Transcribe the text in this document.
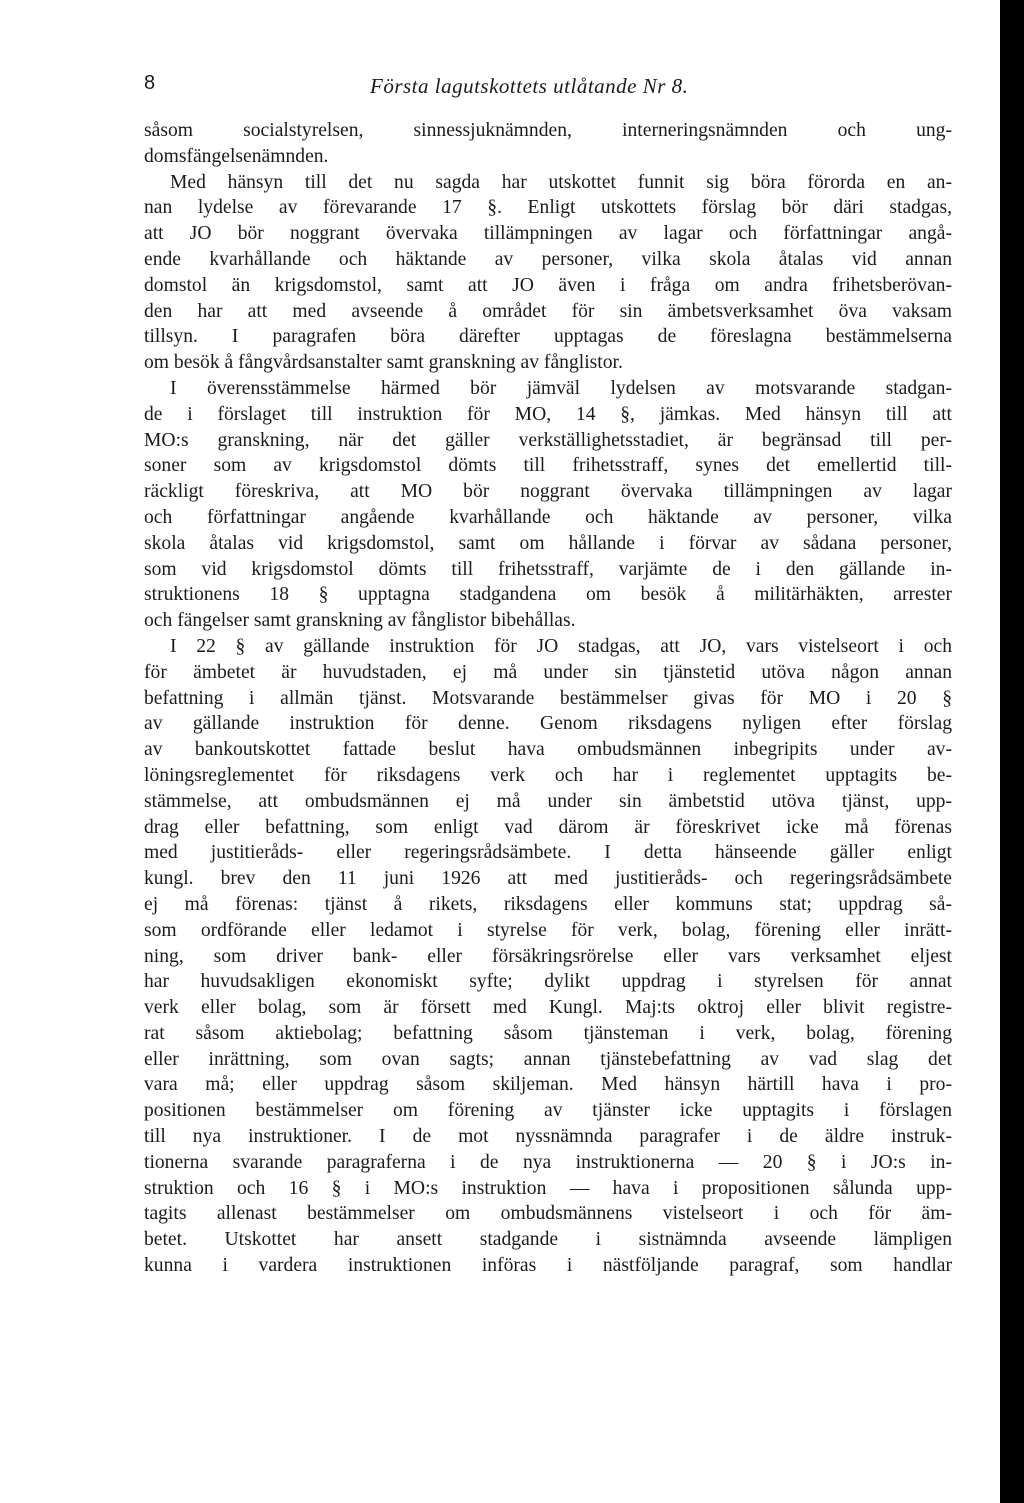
8	Första lagutskottets utlåtande Nr 8.
såsom socialstyrelsen, sinnessjuknämnden, interneringsnämnden och ung-
domsfängelsenämnden.
Med hänsyn till det nu sagda har utskottet funnit sig böra förorda en an-
nan lydelse av förevarande 17 §. Enligt utskottets förslag bör däri stadgas,
att JO bör noggrant övervaka tillämpningen av lagar och författningar angå-
ende kvarhållande och häktande av personer, vilka skola åtalas vid annan
domstol än krigsdomstol, samt att JO även i fråga om andra frihetsberövan-
den har att med avseende å området för sin ämbetsverksamhet öva vaksam
tillsyn. I paragrafen böra därefter upptagas de föreslagna bestämmelserna
om besök å fångvårdsanstalter samt granskning av fånglistor.
I överensstämmelse härmed bör jämväl lydelsen av motsvarande stadgan-
de i förslaget till instruktion för MO, 14 §, jämkas. Med hänsyn till att
MO:s granskning, när det gäller verkställighetsstadiet, är begränsad till per-
soner som av krigsdomstol dömts till frihetsstraff, synes det emellertid till-
räckligt föreskriva, att MO bör noggrant övervaka tillämpningen av lagar
och författningar angående kvarhållande och häktande av personer, vilka
skola åtalas vid krigsdomstol, samt om hållande i förvar av sådana personer,
som vid krigsdomstol dömts till frihetsstraff, varjämte de i den gällande in-
struktionens 18 § upptagna stadgandena om besök å militärhäkten, arrester
och fängelser samt granskning av fånglistor bibehållas.
I 22 § av gällande instruktion för JO stadgas, att JO, vars vistelseort i och
för ämbetet är huvudstaden, ej må under sin tjänstetid utöva någon annan
befattning i allmän tjänst. Motsvarande bestämmelser givas för MO i 20 §
av gällande instruktion för denne. Genom riksdagens nyligen efter förslag
av bankoutskottet fattade beslut hava ombudsmännen inbegripits under av-
löningsreglementet för riksdagens verk och har i reglementet upptagits be-
stämmelse, att ombudsmännen ej må under sin ämbetstid utöva tjänst, upp-
drag eller befattning, som enligt vad därom är föreskrivet icke må förenas
med justitieråds- eller regeringsrådsämbete. I detta hänseende gäller enligt
kungl. brev den 11 juni 1926 att med justitieråds- och regeringsrådsämbete
ej må förenas: tjänst å rikets, riksdagens eller kommuns stat; uppdrag så-
som ordförande eller ledamot i styrelse för verk, bolag, förening eller inrätt-
ning, som driver bank- eller försäkringsrörelse eller vars verksamhet eljest
har huvudsakligen ekonomiskt syfte; dylikt uppdrag i styrelsen för annat
verk eller bolag, som är försett med Kungl. Maj:ts oktroj eller blivit registre-
rat såsom aktiebolag; befattning såsom tjänsteman i verk, bolag, förening
eller inrättning, som ovan sagts; annan tjänstebefattning av vad slag det
vara må; eller uppdrag såsom skiljeman. Med hänsyn härtill hava i pro-
positionen bestämmelser om förening av tjänster icke upptagits i förslagen
till nya instruktioner. I de mot nyssnämnda paragrafer i de äldre instruk-
tionerna svarande paragraferna i de nya instruktionerna — 20 § i JO:s in-
struktion och 16 § i MO:s instruktion — hava i propositionen sålunda upp-
tagits allenast bestämmelser om ombudsmännens vistelseort i och för äm-
betet. Utskottet har ansett stadgande i sistnämnda avseende lämpligen
kunna i vardera instruktionen införas i nästföljande paragraf, som handlar
